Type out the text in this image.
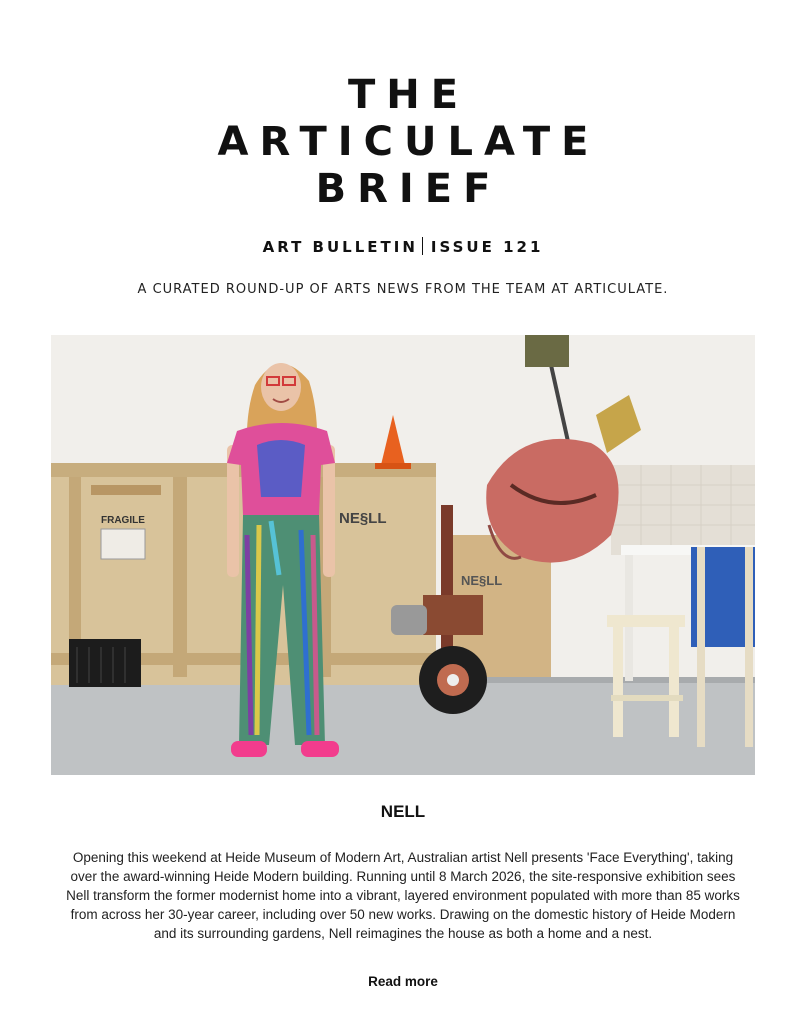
THE
ARTICULATE
BRIEF
ART BULLETIN ISSUE 121
A CURATED ROUND-UP OF ARTS NEWS FROM THE TEAM AT ARTICULATE.
FRAGILE	NE§LL
NE§LL
NELL

Opening this weekend at Heide Museum of Modern Art, Australian artist Nell presents 'Face Everything', taking over the award-winning Heide Modern building. Running until 8 March 2026, the site-responsive exhibition sees Nell transform the former modernist home into a vibrant, layered environment populated with more than 85 works from across her 30-year career, including over 50 new works. Drawing on the domestic history of Heide Modern and its surrounding gardens, Nell reimagines the house as both a home and a nest.

Read more
